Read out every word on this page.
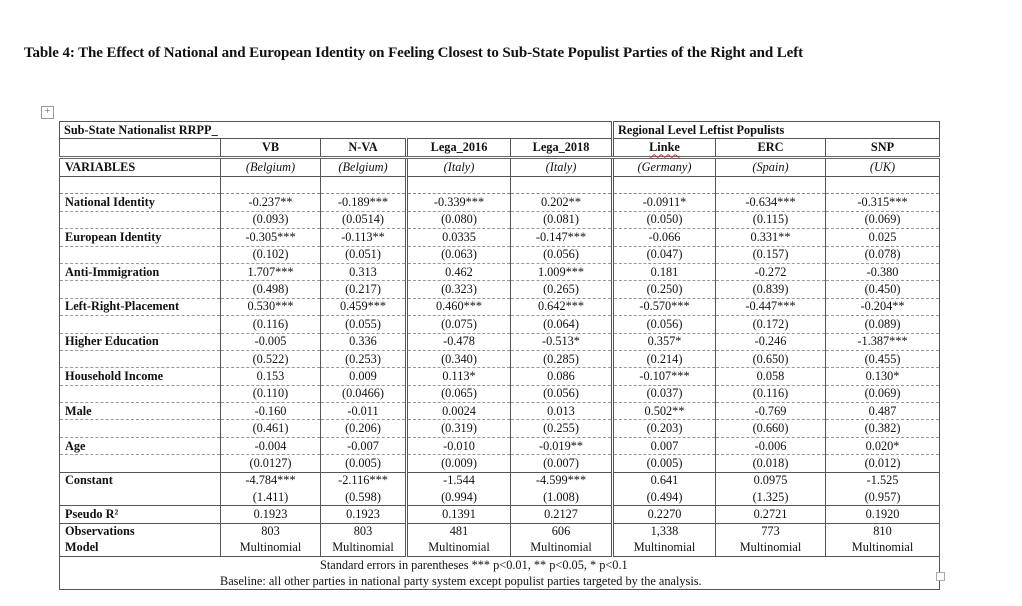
Table 4: The Effect of National and European Identity on Feeling Closest to Sub-State Populist Parties of the Right and Left
+
Sub-State Nationalist RRPP_					Regional Level Leftist Populists		
	VB	N-VA	Lega_2016	Lega_2018	Linke	ERC	SNP
VARIABLES	(Belgium)	(Belgium)	(Italy)	(Italy)	(Germany)	(Spain)	(UK)

National Identity	-0.237**	-0.189***	-0.339***	0.202**	-0.0911*	-0.634***	-0.315***
	(0.093)	(0.0514)	(0.080)	(0.081)	(0.050)	(0.115)	(0.069)
European Identity	-0.305***	-0.113**	0.0335	-0.147***	-0.066	0.331**	0.025
	(0.102)	(0.051)	(0.063)	(0.056)	(0.047)	(0.157)	(0.078)
Anti-Immigration	1.707***	0.313	0.462	1.009***	0.181	-0.272	-0.380
	(0.498)	(0.217)	(0.323)	(0.265)	(0.250)	(0.839)	(0.450)
Left-Right-Placement	0.530***	0.459***	0.460***	0.642***	-0.570***	-0.447***	-0.204**
	(0.116)	(0.055)	(0.075)	(0.064)	(0.056)	(0.172)	(0.089)
Higher Education	-0.005	0.336	-0.478	-0.513*	0.357*	-0.246	-1.387***
	(0.522)	(0.253)	(0.340)	(0.285)	(0.214)	(0.650)	(0.455)
Household Income	0.153	0.009	0.113*	0.086	-0.107***	0.058	0.130*
	(0.110)	(0.0466)	(0.065)	(0.056)	(0.037)	(0.116)	(0.069)
Male	-0.160	-0.011	0.0024	0.013	0.502**	-0.769	0.487
	(0.461)	(0.206)	(0.319)	(0.255)	(0.203)	(0.660)	(0.382)
Age	-0.004	-0.007	-0.010	-0.019**	0.007	-0.006	0.020*
	(0.0127)	(0.005)	(0.009)	(0.007)	(0.005)	(0.018)	(0.012)
Constant	-4.784***	-2.116***	-1.544	-4.599***	0.641	0.0975	-1.525
	(1.411)	(0.598)	(0.994)	(1.008)	(0.494)	(1.325)	(0.957)
Pseudo R²	0.1923	0.1923	0.1391	0.2127	0.2270	0.2721	0.1920
Observations	803	803	481	606	1,338	773	810
Model	Multinomial	Multinomial	Multinomial	Multinomial	Multinomial	Multinomial	Multinomial

Standard errors in parentheses *** p<0.01, ** p<0.05, * p<0.1
Baseline: all other parties in national party system except populist parties targeted by the analysis.							
